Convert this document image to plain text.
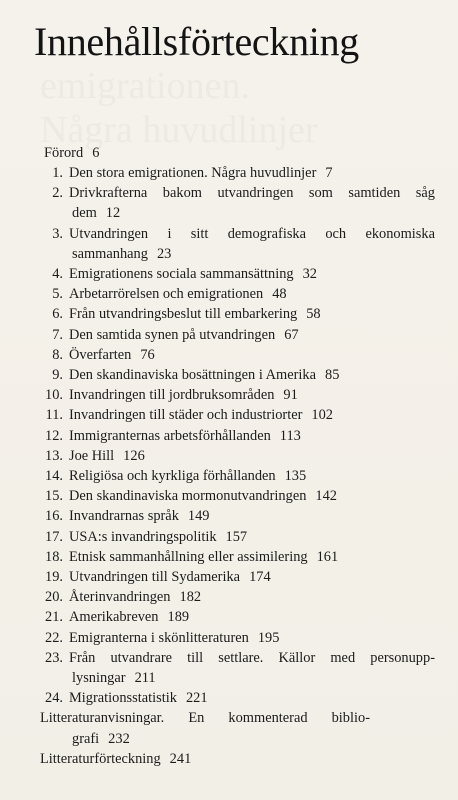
Innehållsförteckning
Förord 6
1. Den stora emigrationen. Några huvudlinjer 7
2. Drivkrafterna bakom utvandringen som samtiden såg
dem 12
3. Utvandringen i sitt demografiska och ekonomiska
sammanhang 23
4. Emigrationens sociala sammansättning 32
5. Arbetarrörelsen och emigrationen 48
6. Från utvandringsbeslut till embarkering 58
7. Den samtida synen på utvandringen 67
8. Överfarten 76
9. Den skandinaviska bosättningen i Amerika 85
10. Invandringen till jordbruksområden 91
11. Invandringen till städer och industriorter 102
12. Immigranternas arbetsförhållanden 113
13. Joe Hill 126
14. Religiösa och kyrkliga förhållanden 135
15. Den skandinaviska mormonutvandringen 142
16. Invandrarnas språk 149
17. USA:s invandringspolitik 157
18. Etnisk sammanhållning eller assimilering 161
19. Utvandringen till Sydamerika 174
20. Återinvandringen 182
21. Amerikabreven 189
22. Emigranterna i skönlitteraturen 195
23. Från utvandrare till settlare. Källor med personupp-
lysningar 211
24. Migrationsstatistik 221
Litteraturanvisningar. En kommenterad biblio-
grafi 232
Litteraturförteckning 241
